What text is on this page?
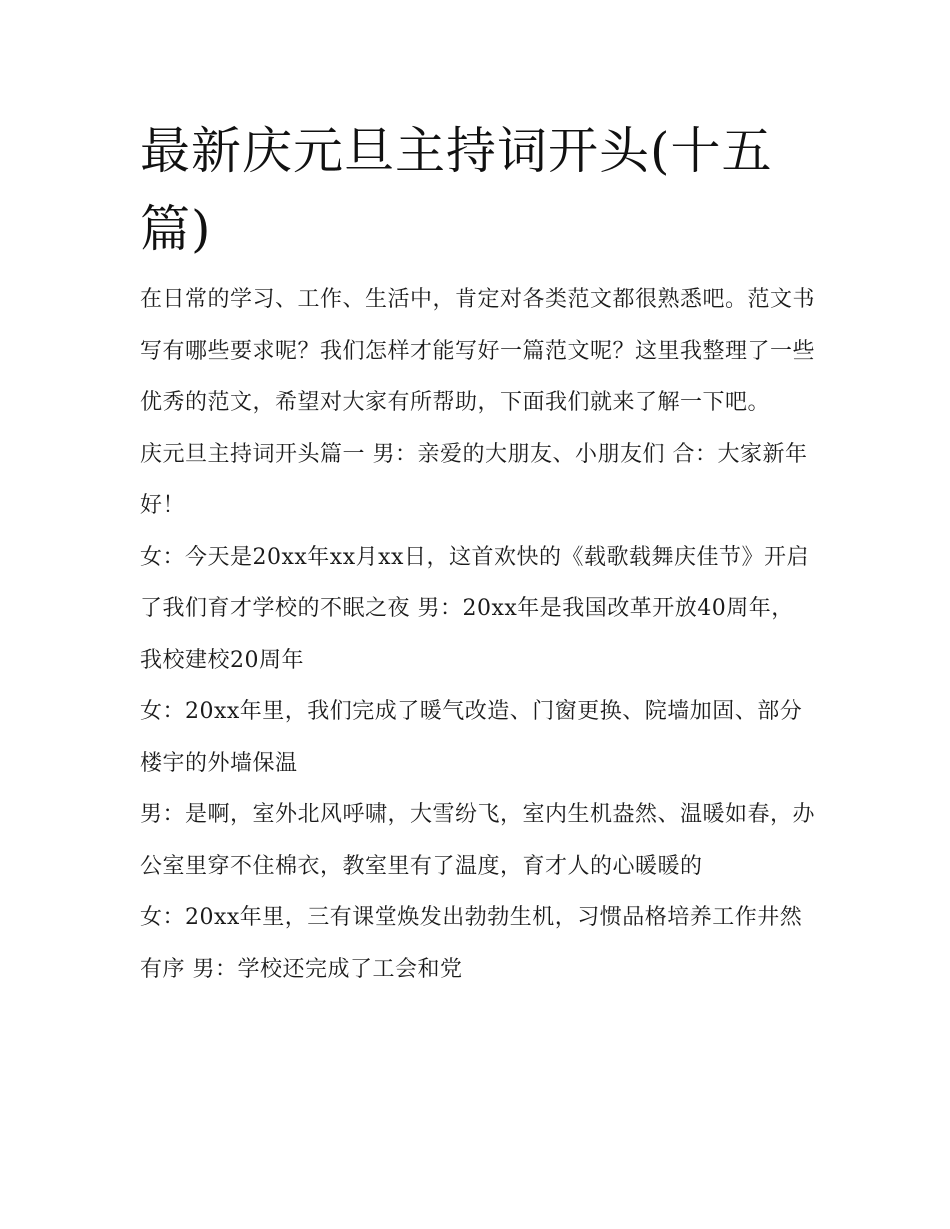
最新庆元旦主持词开头(十五篇)

在日常的学习、工作、生活中，肯定对各类范文都很熟悉吧。范文书写有哪些要求呢？我们怎样才能写好一篇范文呢？这里我整理了一些优秀的范文，希望对大家有所帮助，下面我们就来了解一下吧。

庆元旦主持词开头篇一 男：亲爱的大朋友、小朋友们 合：大家新年好！

女：今天是20xx年xx月xx日，这首欢快的《载歌载舞庆佳节》开启了我们育才学校的不眠之夜 男：20xx年是我国改革开放40周年，我校建校20周年

女：20xx年里，我们完成了暖气改造、门窗更换、院墙加固、部分楼宇的外墙保温

男：是啊，室外北风呼啸，大雪纷飞，室内生机盎然、温暖如春，办公室里穿不住棉衣，教室里有了温度，育才人的心暖暖的

女：20xx年里，三有课堂焕发出勃勃生机，习惯品格培养工作井然有序 男：学校还完成了工会和党
